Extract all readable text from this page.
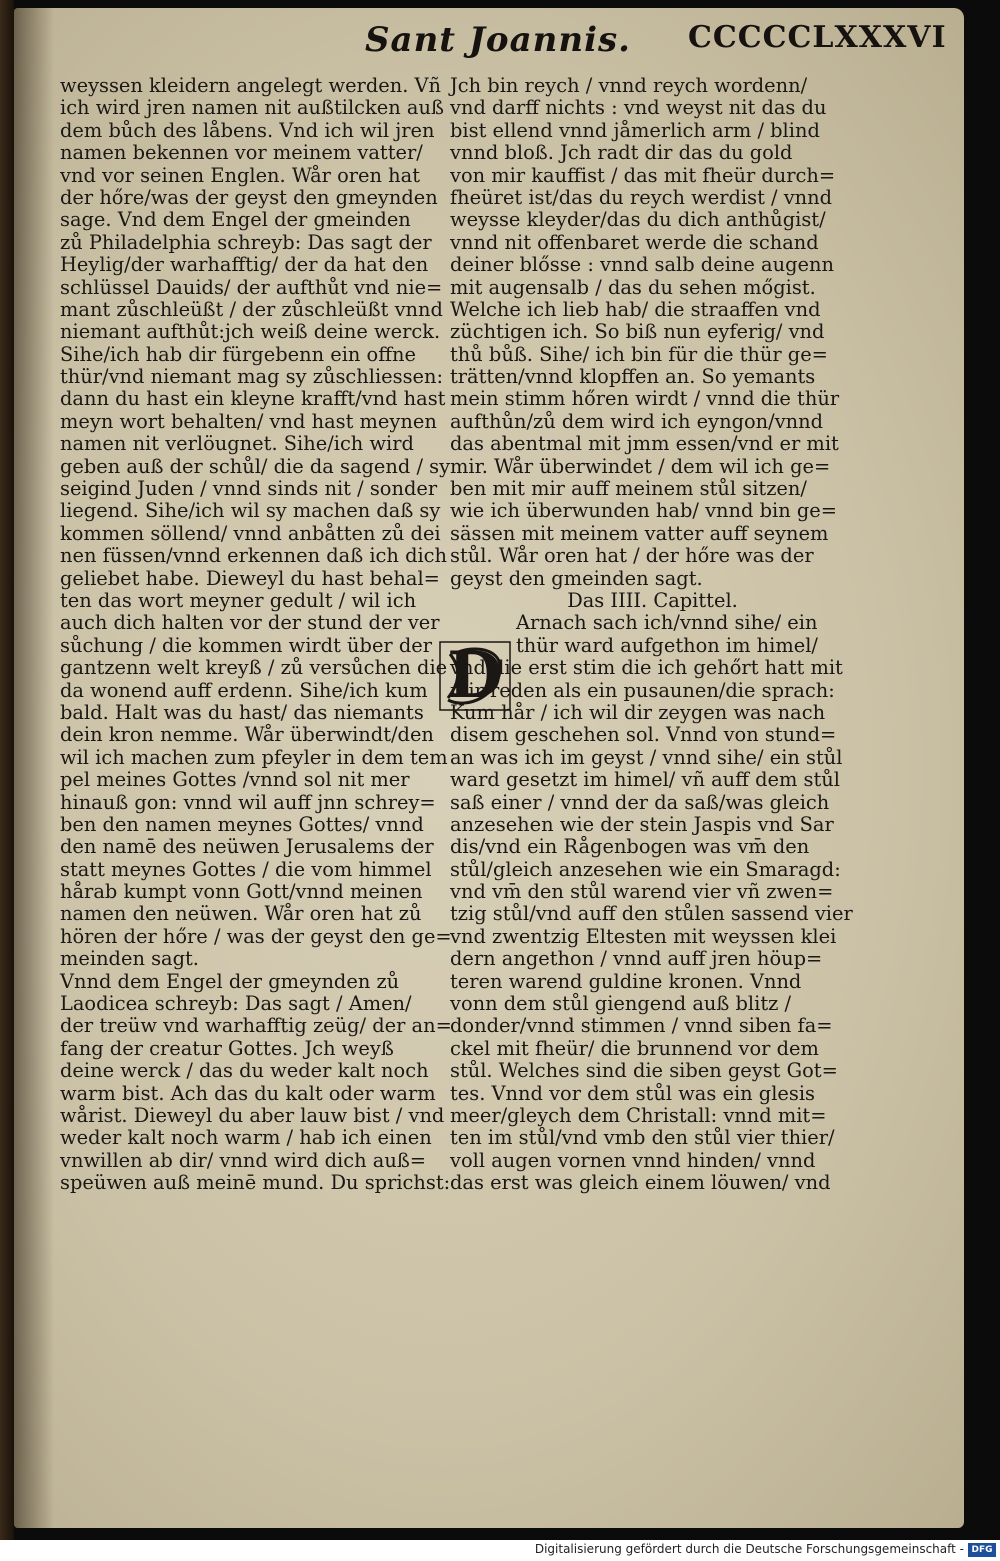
Sant Joannis. CCCCCLXXXVI
weyssen kleidern angelegt werden. Vñ
ich wird jren namen nit außtilcken auß
dem bůch des låbens. Vnd ich wil jren
namen bekennen vor meinem vatter/
vnd vor seinen Englen. Wår oren hat
der hőre/was der geyst den gmeynden
sage. Vnd dem Engel der gmeinden
zů Philadelphia schreyb: Das sagt der
Heylig/der warhafftig/ der da hat den
schlüssel Dauids/ der aufthůt vnd nie=
mant zůschleüßt / der zůschleüßt vnnd
niemant aufthůt:jch weiß deine werck.
Sihe/ich hab dir fürgebenn ein offne
thür/vnd niemant mag sy zůschliessen:
dann du hast ein kleyne krafft/vnd hast
meyn wort behalten/ vnd hast meynen
namen nit verlöugnet. Sihe/ich wird
geben auß der schůl/ die da sagend / sy
seigind Juden / vnnd sinds nit / sonder
liegend. Sihe/ich wil sy machen daß sy
kommen söllend/ vnnd anbåtten zů dei
nen füssen/vnnd erkennen daß ich dich
geliebet habe. Dieweyl du hast behal=
ten das wort meyner gedult / wil ich
auch dich halten vor der stund der ver
sůchung / die kommen wirdt über der
gantzenn welt kreyß / zů versůchen die
da wonend auff erdenn. Sihe/ich kum
bald. Halt was du hast/ das niemants
dein kron nemme. Wår überwindt/den
wil ich machen zum pfeyler in dem tem
pel meines Gottes /vnnd sol nit mer
hinauß gon: vnnd wil auff jnn schrey=
ben den namen meynes Gottes/ vnnd
den namē des neüwen Jerusalems der
statt meynes Gottes / die vom himmel
hårab kumpt vonn Gott/vnnd meinen
namen den neüwen. Wår oren hat zů
hören der hőre / was der geyst den ge=
meinden sagt.
Vnnd dem Engel der gmeynden zů
Laodicea schreyb: Das sagt / Amen/
der treüw vnd warhafftig zeüg/ der an=
fang der creatur Gottes. Jch weyß
deine werck / das du weder kalt noch
warm bist. Ach das du kalt oder warm
wårist. Dieweyl du aber lauw bist / vnd
weder kalt noch warm / hab ich einen
vnwillen ab dir/ vnnd wird dich auß=
speüwen auß meinē mund. Du sprichst:
Jch bin reych / vnnd reych wordenn/
vnd darff nichts : vnd weyst nit das du
bist ellend vnnd jåmerlich arm / blind
vnnd bloß. Jch radt dir das du gold
von mir kauffist / das mit fheür durch=
fheüret ist/das du reych werdist / vnnd
weysse kleyder/das du dich anthůgist/
vnnd nit offenbaret werde die schand
deiner blősse : vnnd salb deine augenn
mit augensalb / das du sehen mőgist.
Welche ich lieb hab/ die straaffen vnd
züchtigen ich. So biß nun eyferig/ vnd
thů bůß. Sihe/ ich bin für die thür ge=
trätten/vnnd klopffen an. So yemants
mein stimm hőren wirdt / vnnd die thür
aufthůn/zů dem wird ich eyngon/vnnd
das abentmal mit jmm essen/vnd er mit
mir. Wår überwindet / dem wil ich ge=
ben mit mir auff meinem stůl sitzen/
wie ich überwunden hab/ vnnd bin ge=
sässen mit meinem vatter auff seynem
stůl. Wår oren hat / der hőre was der
geyst den gmeinden sagt.
Das IIII. Capittel.
Arnach sach ich/vnnd sihe/ ein
thür ward aufgethon im himel/
vnd die erst stim die ich gehőrt hatt mit
mir reden als ein pusaunen/die sprach:
Kum hår / ich wil dir zeygen was nach
disem geschehen sol. Vnnd von stund=
an was ich im geyst / vnnd sihe/ ein stůl
ward gesetzt im himel/ vñ auff dem stůl
saß einer / vnnd der da saß/was gleich
anzesehen wie der stein Jaspis vnd Sar
dis/vnd ein Rågenbogen was vm̄ den
stůl/gleich anzesehen wie ein Smaragd:
vnd vm̄ den stůl warend vier vñ zwen=
tzig stůl/vnd auff den stůlen sassend vier
vnd zwentzig Eltesten mit weyssen klei
dern angethon / vnnd auff jren höup=
teren warend guldine kronen. Vnnd
vonn dem stůl giengend auß blitz /
donder/vnnd stimmen / vnnd siben fa=
ckel mit fheür/ die brunnend vor dem
stůl. Welches sind die siben geyst Got=
tes. Vnnd vor dem stůl was ein glesis
meer/gleych dem Christall: vnnd mit=
ten im stůl/vnd vmb den stůl vier thier/
voll augen vornen vnnd hinden/ vnnd
das erst was gleich einem löuwen/ vnd
D
Digitalisierung gefördert durch die Deutsche Forschungsgemeinschaft - DFG
